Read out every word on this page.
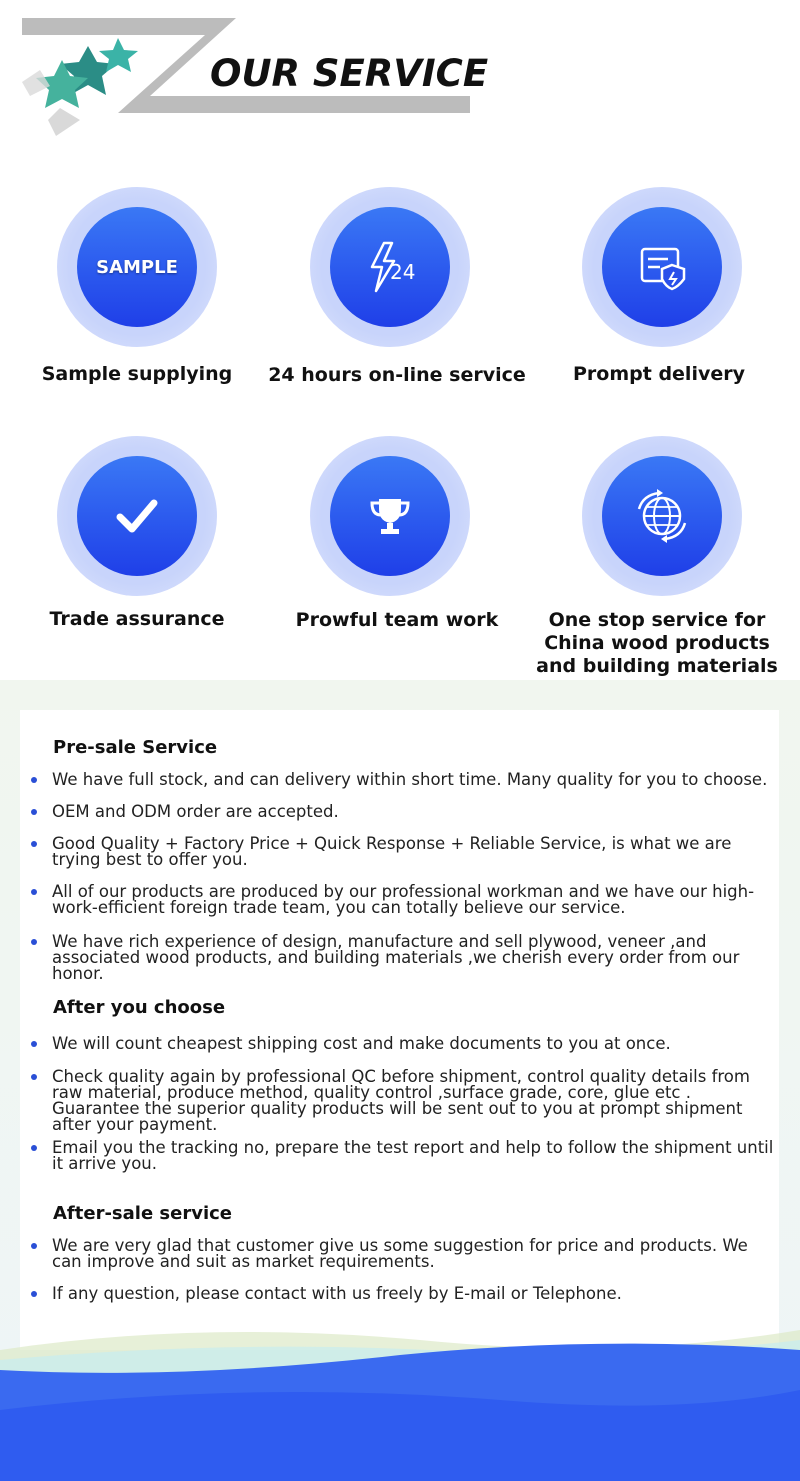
OUR SERVICE
SAMPLE
Sample supplying
24
24 hours on-line service	Prompt delivery
Trade assurance	Prowful team work	One stop service for China wood products and building materials
Pre-sale Service
We have full stock, and can delivery within short time. Many quality for you to choose.
OEM and ODM order are accepted.
Good Quality + Factory Price + Quick Response + Reliable Service, is what we are trying best to offer you.
All of our products are produced by our professional workman and we have our high-work-efficient foreign trade team, you can totally believe our service.
We have rich experience of design, manufacture and sell plywood, veneer ,and associated wood products, and building materials ,we cherish every order from our honor.
After you choose
We will count cheapest shipping cost and make documents to you at once.
Check quality again by professional QC before shipment, control quality details from raw material, produce method, quality control ,surface grade, core, glue etc . Guarantee the superior quality products will be sent out to you at prompt shipment after your payment.
Email you the tracking no, prepare the test report and help to follow the shipment until it arrive you.
After-sale service
We are very glad that customer give us some suggestion for price and products. We can improve and suit as market requirements.
If any question, please contact with us freely by E-mail or Telephone.
